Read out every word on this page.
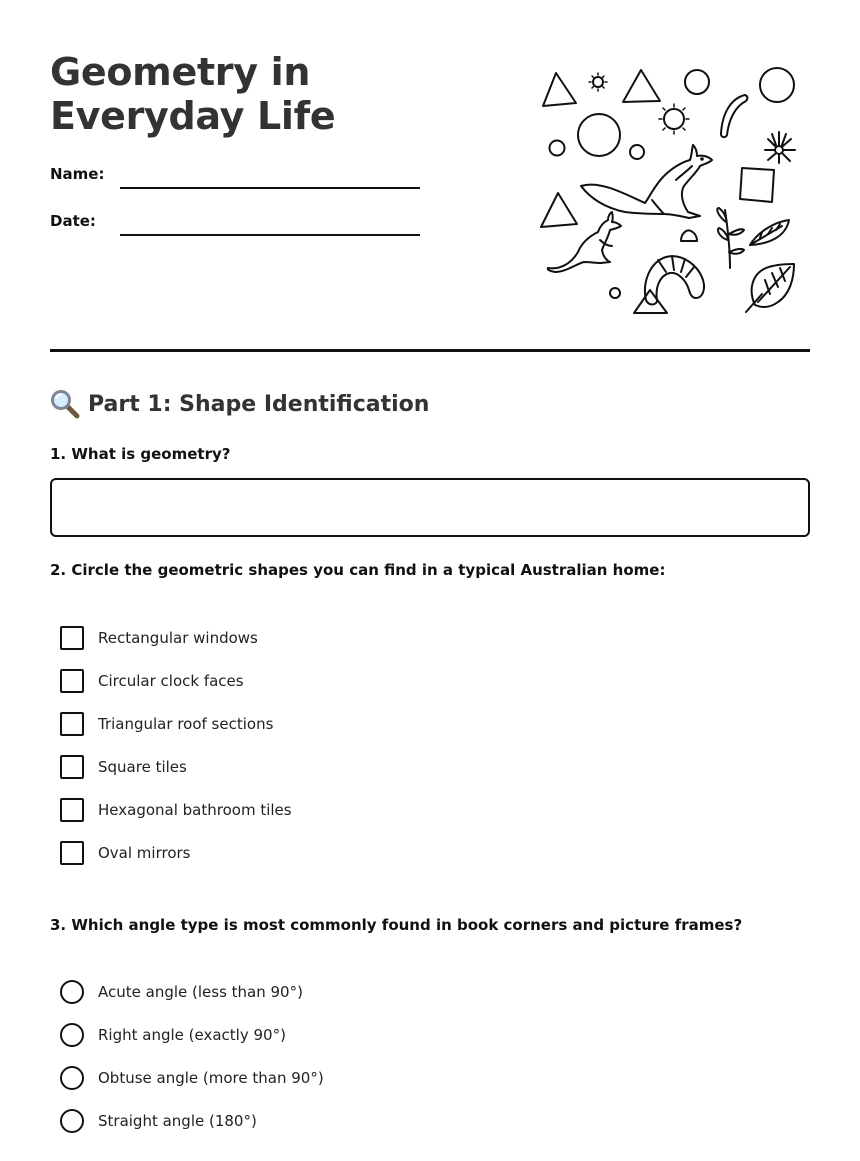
Geometry in Everyday Life
Name:
Date:
Part 1: Shape Identification
1. What is geometry?
2. Circle the geometric shapes you can find in a typical Australian home:
Rectangular windows
Circular clock faces
Triangular roof sections
Square tiles
Hexagonal bathroom tiles
Oval mirrors
3. Which angle type is most commonly found in book corners and picture frames?
Acute angle (less than 90°)
Right angle (exactly 90°)
Obtuse angle (more than 90°)
Straight angle (180°)
